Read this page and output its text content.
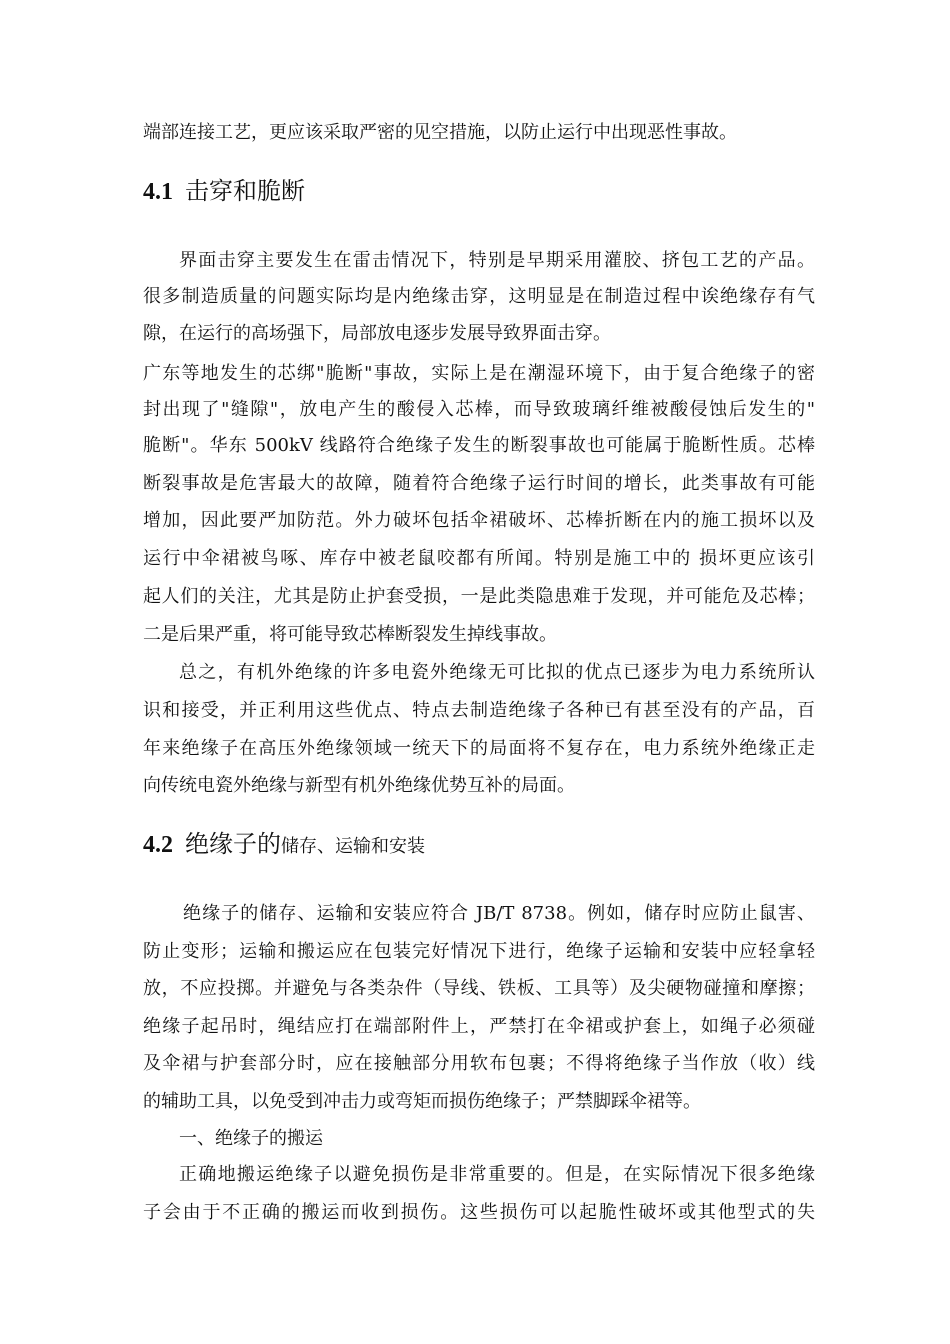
端部连接工艺，更应该采取严密的见空措施，以防止运行中出现恶性事故。
4.1 击穿和脆断
界面击穿主要发生在雷击情况下，特别是早期采用灌胶、挤包工艺的产品。
很多制造质量的问题实际均是内绝缘击穿，这明显是在制造过程中诶绝缘存有气
隙，在运行的高场强下，局部放电逐步发展导致界面击穿。
广东等地发生的芯绑"脆断"事故，实际上是在潮湿环境下，由于复合绝缘子的密
封出现了"缝隙"，放电产生的酸侵入芯棒，而导致玻璃纤维被酸侵蚀后发生的"
脆断"。华东 500kV 线路符合绝缘子发生的断裂事故也可能属于脆断性质。芯棒
断裂事故是危害最大的故障，随着符合绝缘子运行时间的增长，此类事故有可能
增加，因此要严加防范。外力破坏包括伞裙破坏、芯棒折断在内的施工损坏以及
运行中伞裙被鸟啄、库存中被老鼠咬都有所闻。特别是施工中的 损坏更应该引
起人们的关注，尤其是防止护套受损，一是此类隐患难于发现，并可能危及芯棒；
二是后果严重，将可能导致芯棒断裂发生掉线事故。
总之，有机外绝缘的许多电瓷外绝缘无可比拟的优点已逐步为电力系统所认
识和接受，并正利用这些优点、特点去制造绝缘子各种已有甚至没有的产品，百
年来绝缘子在高压外绝缘领域一统天下的局面将不复存在，电力系统外绝缘正走
向传统电瓷外绝缘与新型有机外绝缘优势互补的局面。
4.2 绝缘子的储存、运输和安装
绝缘子的储存、运输和安装应符合 JB/T 8738。例如，储存时应防止鼠害、
防止变形；运输和搬运应在包装完好情况下进行，绝缘子运输和安装中应轻拿轻
放，不应投掷。并避免与各类杂件（导线、铁板、工具等）及尖硬物碰撞和摩擦；
绝缘子起吊时，绳结应打在端部附件上，严禁打在伞裙或护套上，如绳子必须碰
及伞裙与护套部分时，应在接触部分用软布包裹；不得将绝缘子当作放（收）线
的辅助工具，以免受到冲击力或弯矩而损伤绝缘子；严禁脚踩伞裙等。
一、绝缘子的搬运
正确地搬运绝缘子以避免损伤是非常重要的。但是，在实际情况下很多绝缘
子会由于不正确的搬运而收到损伤。这些损伤可以起脆性破坏或其他型式的失
